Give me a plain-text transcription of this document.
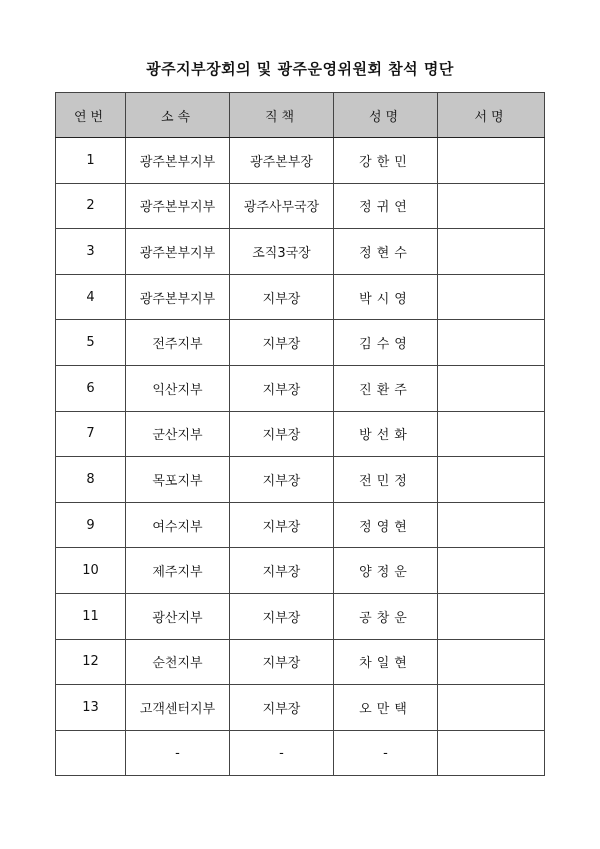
광주지부장회의 및 광주운영위원회 참석 명단
연번	소속	직책	성명	서명
1	광주본부지부	광주본부장	강한민	
2	광주본부지부	광주사무국장	정귀연	
3	광주본부지부	조직3국장	정현수	
4	광주본부지부	지부장	박시영	
5	전주지부	지부장	김수영	
6	익산지부	지부장	진환주	
7	군산지부	지부장	방선화	
8	목포지부	지부장	전민정	
9	여수지부	지부장	정영현	
10	제주지부	지부장	양정운	
11	광산지부	지부장	공창운	
12	순천지부	지부장	차일현	
13	고객센터지부	지부장	오만택	
	-	-	-	
